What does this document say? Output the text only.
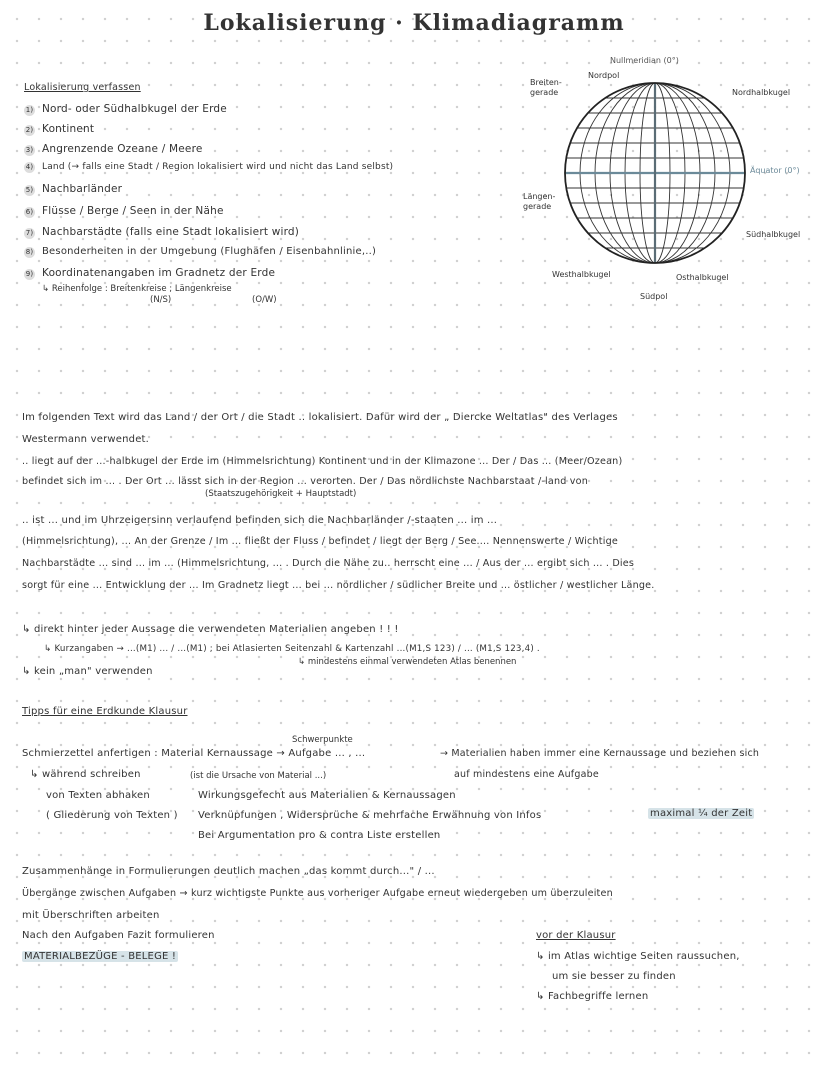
Lokalisierung · Klimadiagramm
Lokalisierung verfassen
1) Nord- oder Südhalbkugel der Erde
2) Kontinent
3) Angrenzende Ozeane / Meere
4) Land (→ falls eine Stadt / Region lokalisiert wird und nicht das Land selbst)
5) Nachbarländer
6) Flüsse / Berge / Seen in der Nähe
7) Nachbarstädte (falls eine Stadt lokalisiert wird)
8) Besonderheiten in der Umgebung (Flughäfen / Eisenbahnlinie,..)
9) Koordinatenangaben im Gradnetz der Erde
↳ Reihenfolge : Breitenkreise ; Längenkreise
(N/S)	(O/W)
Nullmeridian (0°)
Nordpol
Breiten-
gerade	Nordhalbkugel
Äquator (0°)
Längen-
gerade
Südhalbkugel
Westhalbkugel	Osthalbkugel
Südpol
Im folgenden Text wird das Land / der Ort / die Stadt .. lokalisiert. Dafür wird der „ Diercke Weltatlas" des Verlages
Westermann verwendet.
.. liegt auf der ...-halbkugel der Erde im (Himmelsrichtung) Kontinent und in der Klimazone ... Der / Das ... (Meer/Ozean)
befindet sich im ... . Der Ort ... lässt sich in der Region ... verorten. Der / Das nördlichste Nachbarstaat /-land von
(Staatszugehörigkeit + Hauptstadt)
.. ist ... und im Uhrzeigersinn verlaufend befinden sich die Nachbarländer /-staaten ... im ...
(Himmelsrichtung), ... An der Grenze / Im ... fließt der Fluss / befindet / liegt der Berg / See.... Nennenswerte / Wichtige
Nachbarstädte ... sind ... im ... (Himmelsrichtung, ... . Durch die Nähe zu.. herrscht eine ... / Aus der ... ergibt sich ... . Dies
sorgt für eine ... Entwicklung der ... Im Gradnetz liegt ... bei ... nördlicher / südlicher Breite und ... östlicher / westlicher Länge.
↳ direkt hinter jeder Aussage die verwendeten Materialien angeben ! ! !
↳ Kurzangaben → ...(M1) ... / ...(M1) ; bei Atlasierten Seitenzahl & Kartenzahl ...(M1,S 123) / ... (M1,S 123,4) .
↳ mindestens einmal verwendeten Atlas benennen
↳ kein „man" verwenden
Tipps für eine Erdkunde Klausur
Schwerpunkte
Schmierzettel anfertigen : Material Kernaussage → Aufgabe ... , ...	→ Materialien haben immer eine Kernaussage und beziehen sich
↳ während schreiben	(ist die Ursache von Material ...)	auf mindestens eine Aufgabe
von Texten abhaken	Wirkungsgefecht aus Materialien & Kernaussagen
( Gliederung von Texten ) Verknüpfungen , Widersprüche & mehrfache Erwähnung von Infos	maximal ¼ der Zeit
Bei Argumentation pro & contra Liste erstellen
Zusammenhänge in Formulierungen deutlich machen „das kommt durch..." / ...
Übergänge zwischen Aufgaben → kurz wichtigste Punkte aus vorheriger Aufgabe erneut wiedergeben um überzuleiten
mit Überschriften arbeiten
Nach den Aufgaben Fazit formulieren
MATERIALBEZÜGE - BELEGE !
vor der Klausur
↳ im Atlas wichtige Seiten raussuchen,
um sie besser zu finden
↳ Fachbegriffe lernen
